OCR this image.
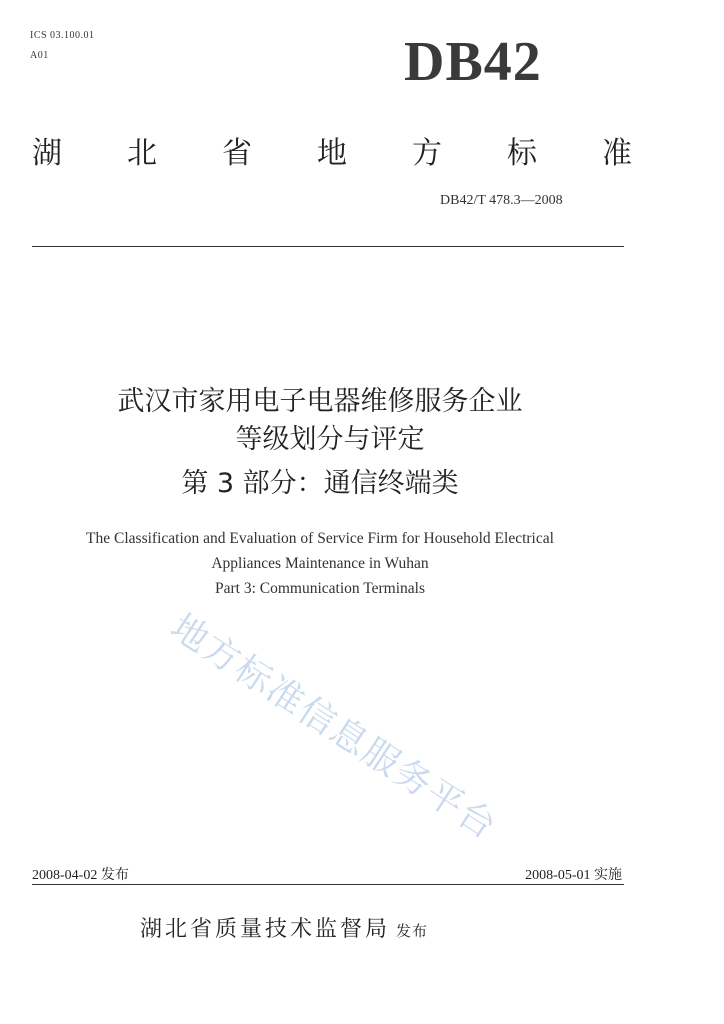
ICS 03.100.01
A01	DB42
湖 北 省 地 方 标 准
DB42/T 478.3—2008
武汉市家用电子电器维修服务企业
等级划分与评定
第 3 部分：通信终端类
The Classification and Evaluation of Service Firm for Household Electrical
Appliances Maintenance in Wuhan
Part 3: Communication Terminals
地方标准信息服务平台
2008-04-02 发布	2008-05-01 实施
湖北省质量技术监督局 发布
